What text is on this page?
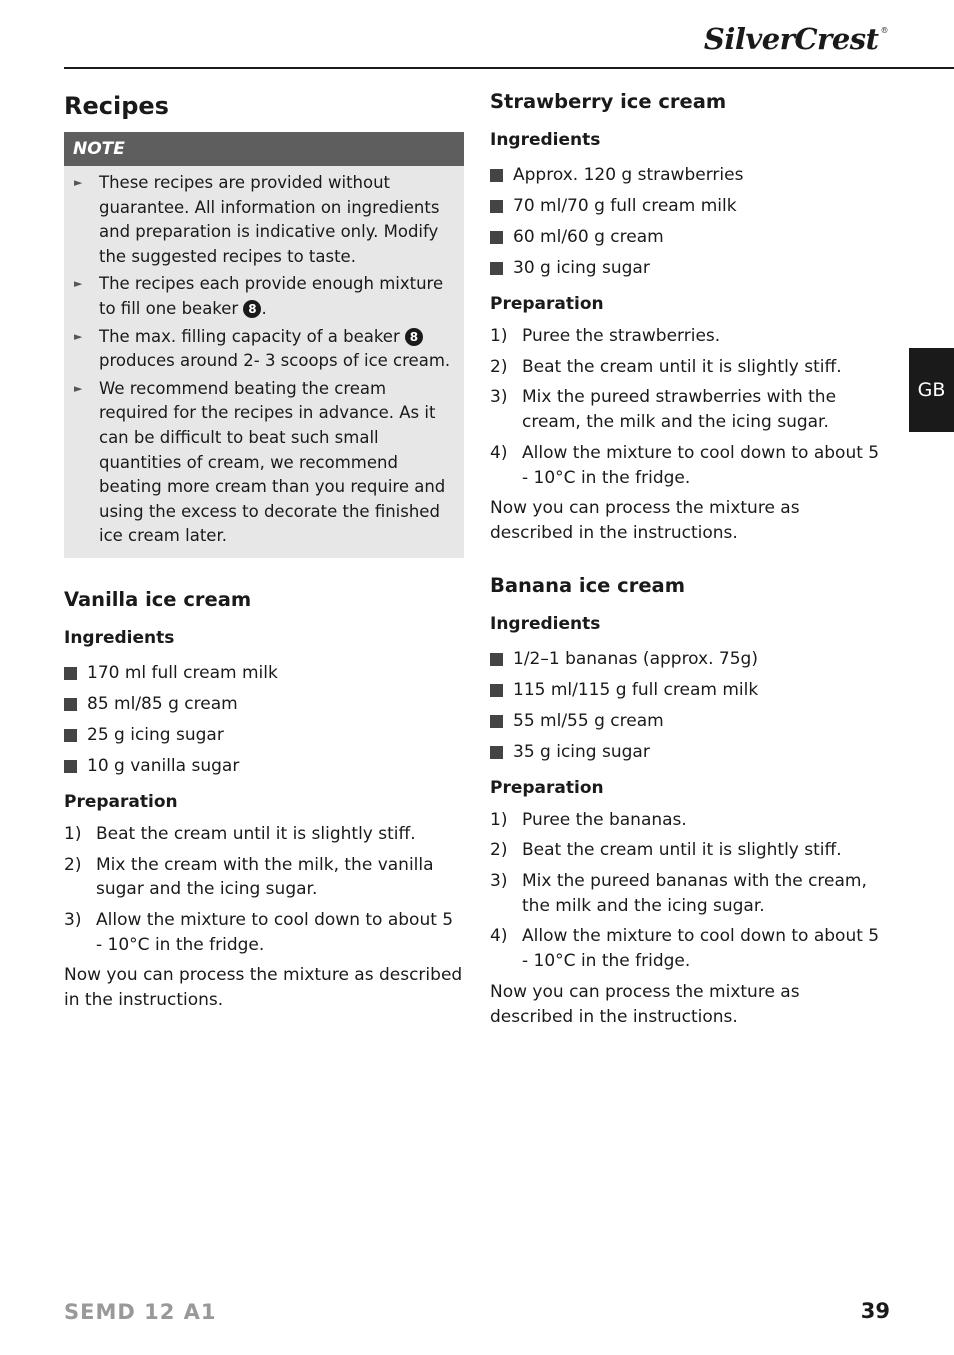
SilverCrest ®
GB
Recipes
NOTE
► These recipes are provided without guarantee. All information on ingredients and preparation is indicative only. Modify the suggested recipes to taste.
► The recipes each provide enough mixture to fill one beaker 8 .
► The max. filling capacity of a beaker 8 produces around 2- 3 scoops of ice cream.
► We recommend beating the cream required for the recipes in advance. As it can be difficult to beat such small quantities of cream, we recommend beating more cream than you require and using the excess to decorate the finished ice cream later.
Vanilla ice cream
Ingredients
170 ml full cream milk
85 ml/85 g cream
25 g icing sugar
10 g vanilla sugar
Preparation
1) Beat the cream until it is slightly stiff.
2) Mix the cream with the milk, the vanilla sugar and the icing sugar.
3) Allow the mixture to cool down to about 5 - 10°C in the fridge.

Now you can process the mixture as described in the instructions.

Strawberry ice cream
Ingredients
Approx. 120 g strawberries
70 ml/70 g full cream milk
60 ml/60 g cream
30 g icing sugar
Preparation
1) Puree the strawberries.
2) Beat the cream until it is slightly stiff.
3) Mix the pureed strawberries with the cream, the milk and the icing sugar.
4) Allow the mixture to cool down to about 5 - 10°C in the fridge.

Now you can process the mixture as described in the instructions.

Banana ice cream
Ingredients
1/2–1 bananas (approx. 75g)
115 ml/115 g full cream milk
55 ml/55 g cream
35 g icing sugar
Preparation
1) Puree the bananas.
2) Beat the cream until it is slightly stiff.
3) Mix the pureed bananas with the cream, the milk and the icing sugar.
4) Allow the mixture to cool down to about 5 - 10°C in the fridge.

Now you can process the mixture as described in the instructions.

SEMD 12 A1	39
